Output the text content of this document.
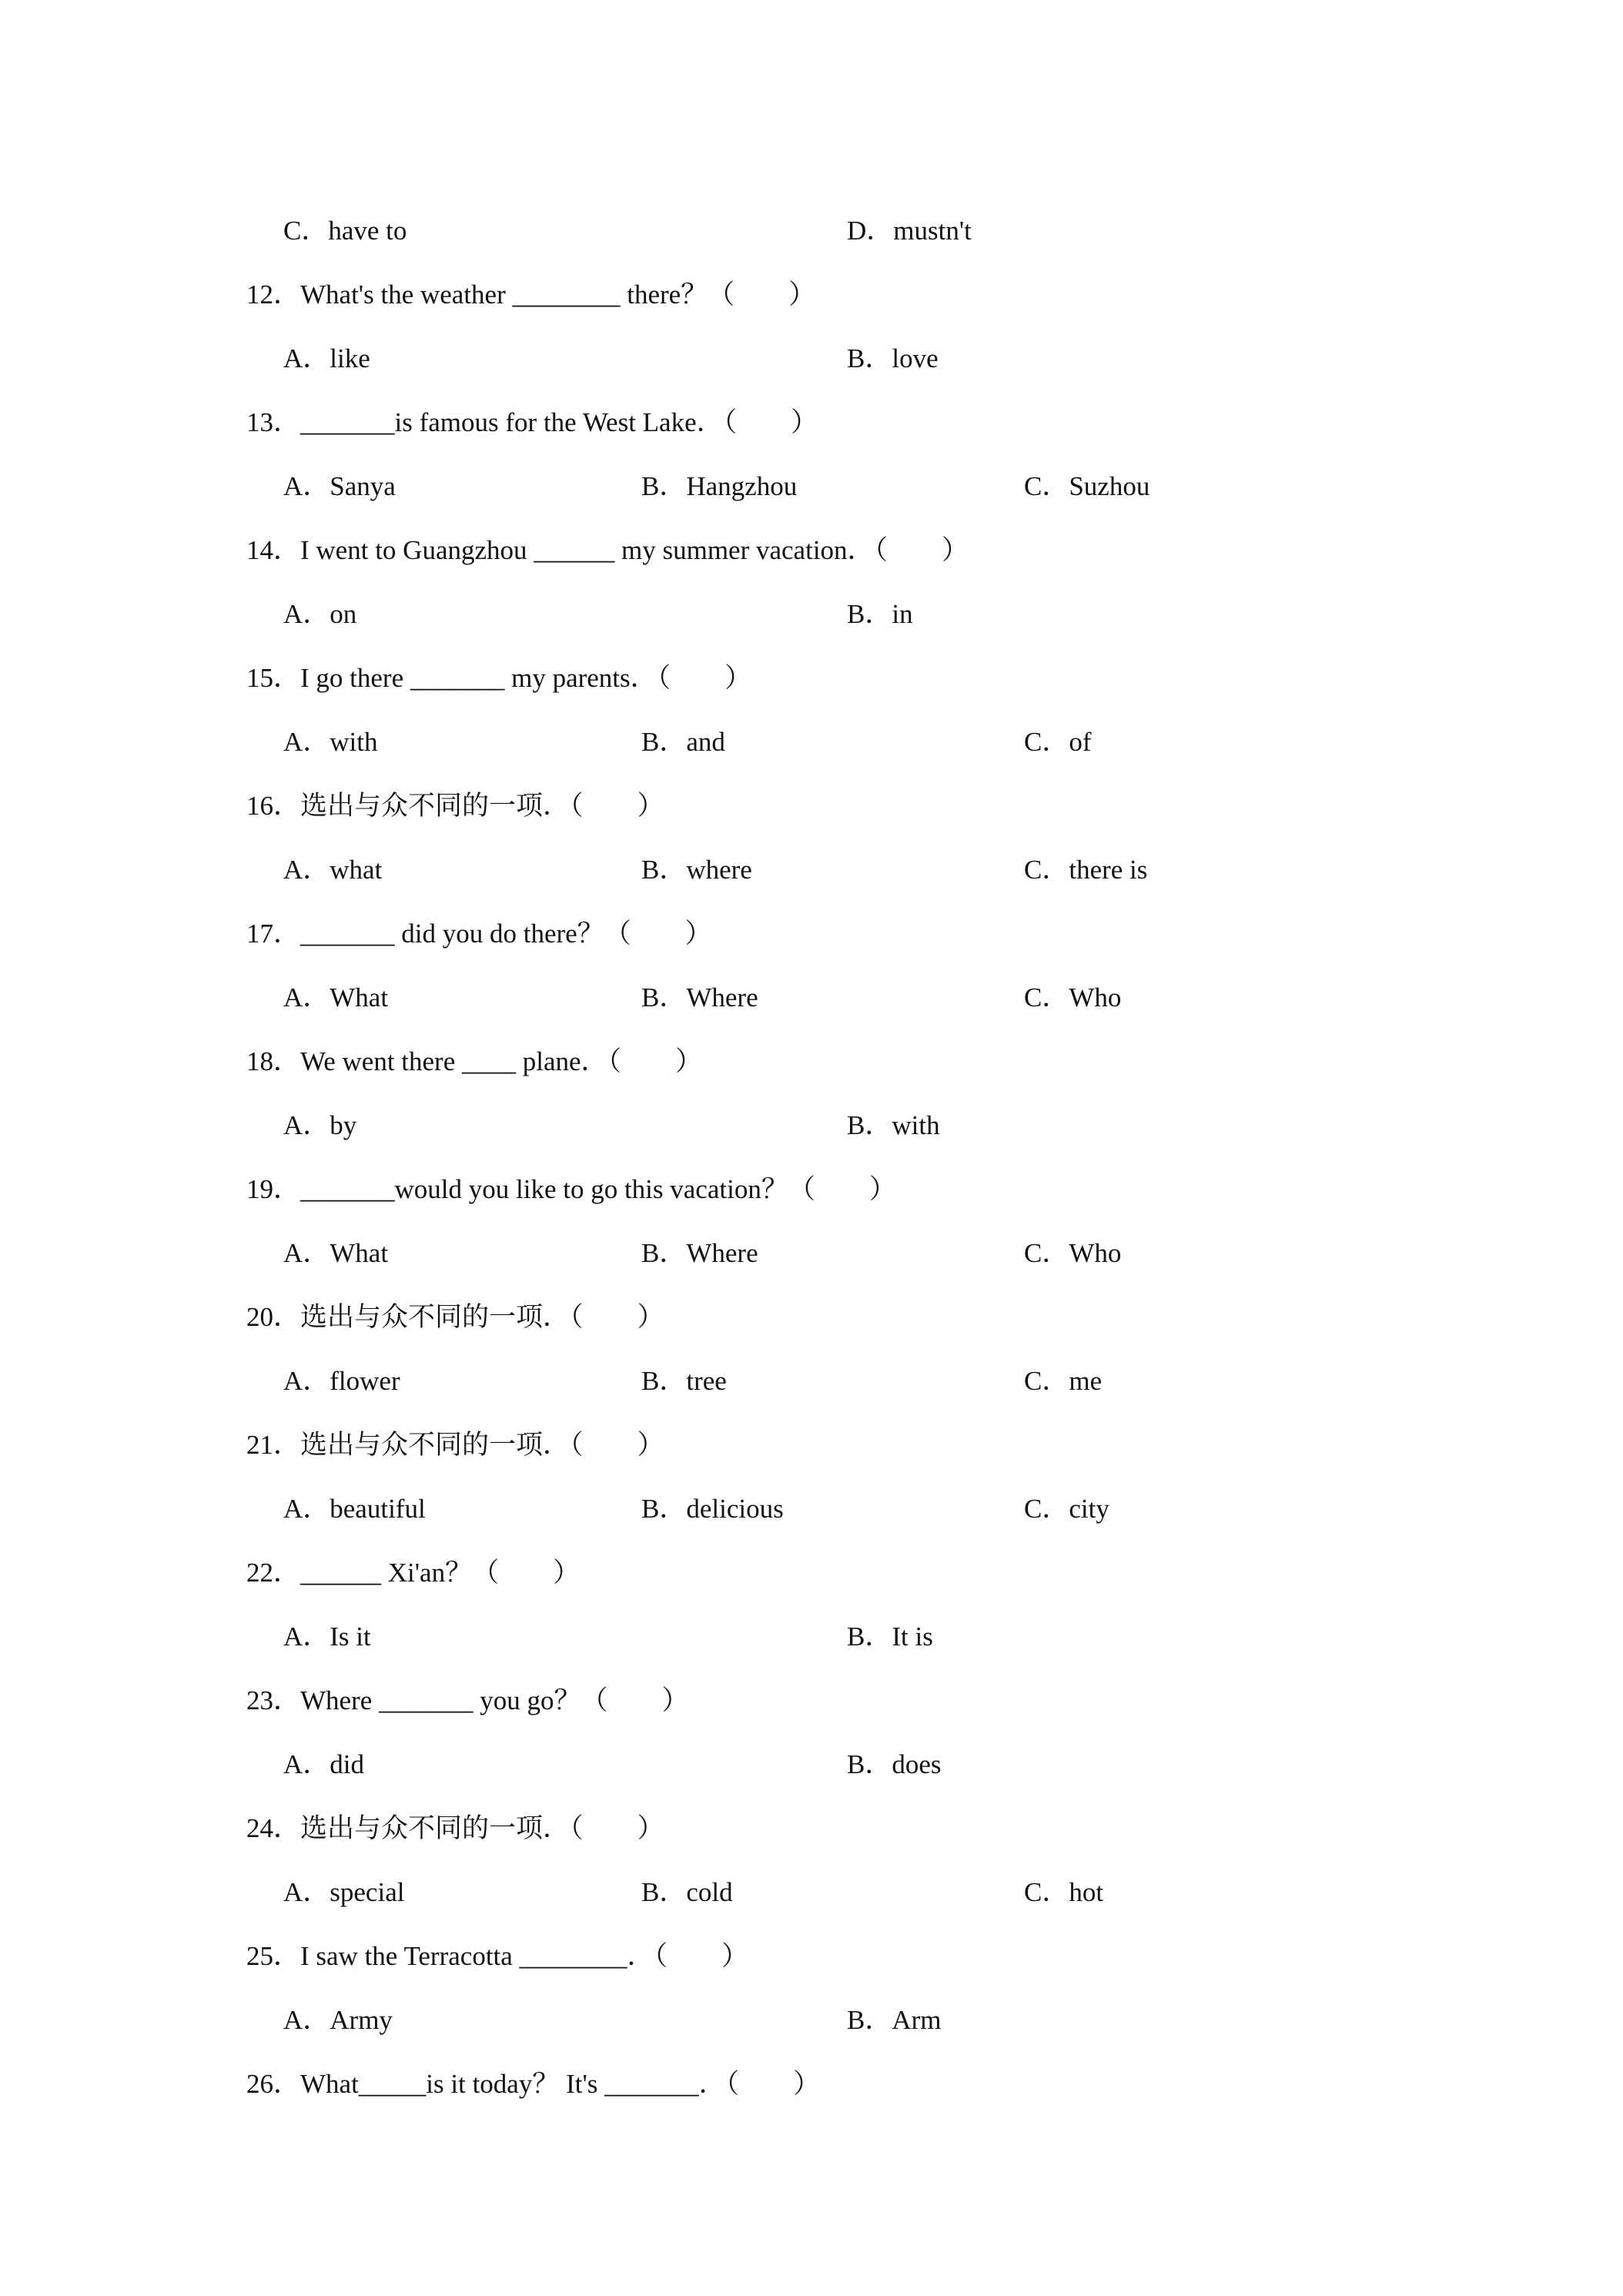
C．have to	D．mustn't
12．What's the weather ________ there？（　　）
A．like	B．love
13．_______is famous for the West Lake．（　　）
A．Sanya	B．Hangzhou	C．Suzhou
14．I went to Guangzhou ______ my summer vacation．（　　）
A．on	B．in
15．I go there _______ my parents．（　　）
A．with	B．and	C．of
16．选出与众不同的一项．（　　）
A．what	B．where	C．there is
17．_______ did you do there？（　　）
A．What	B．Where	C．Who
18．We went there ____ plane．（　　）
A．by	B．with
19．_______would you like to go this vacation？（　　）
A．What	B．Where	C．Who
20．选出与众不同的一项．（　　）
A．flower	B．tree	C．me
21．选出与众不同的一项．（　　）
A．beautiful	B．delicious	C．city
22．______ Xi'an？（　　）
A．Is it	B．It is
23．Where _______ you go？（　　）
A．did	B．does
24．选出与众不同的一项．（　　）
A．special	B．cold	C．hot
25．I saw the Terracotta ________．（　　）
A．Army	B．Arm
26．What_____is it today？ It's _______．（　　）
